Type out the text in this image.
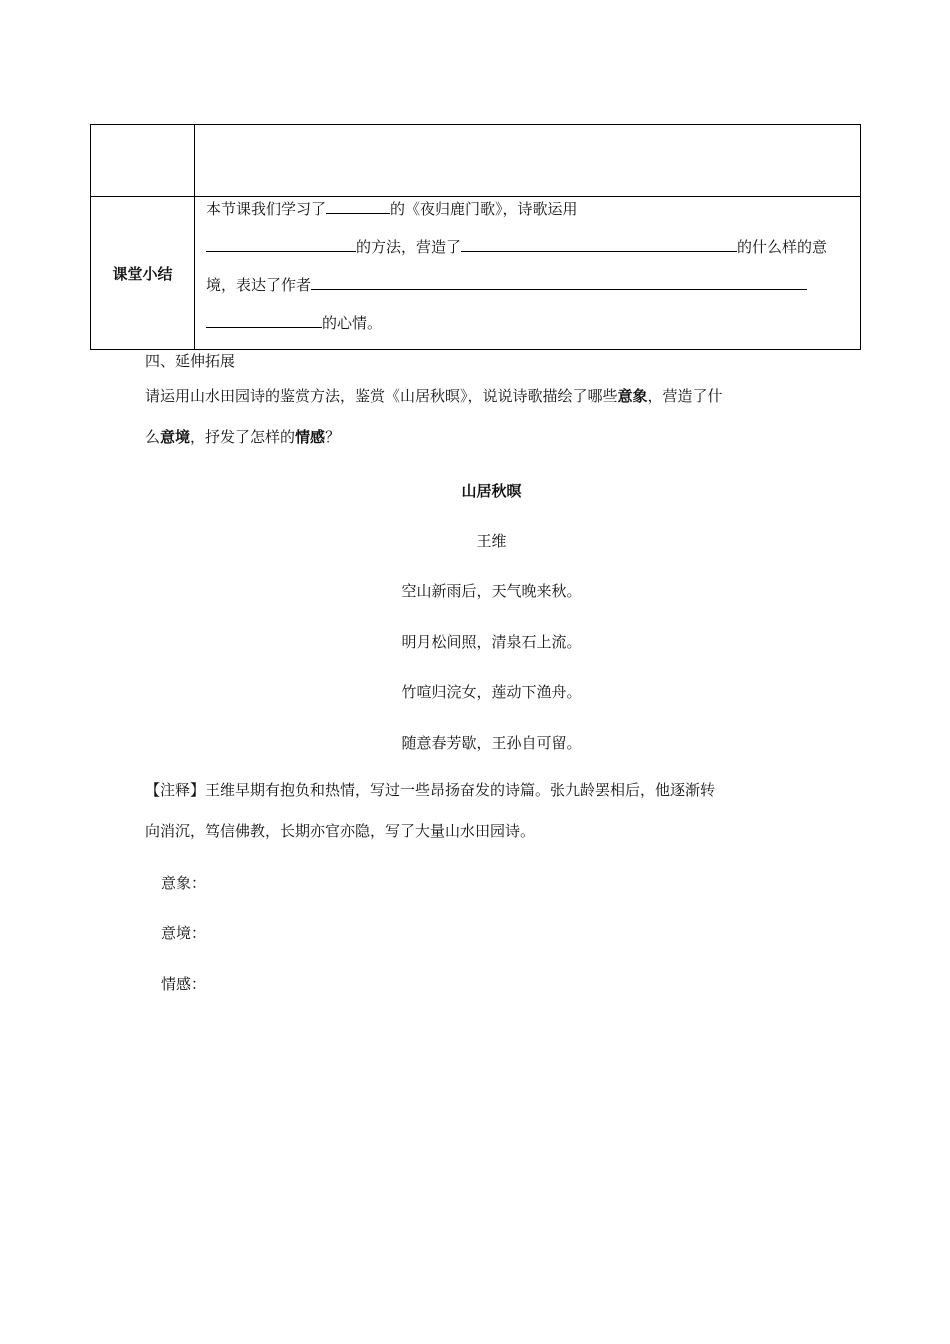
课堂小结	本节课我们学习了 的《夜归鹿门歌》，诗歌运用
的方法，营造了 的什么样的意
境，表达了作者
的心情。
四、延伸拓展
请运用山水田园诗的鉴赏方法，鉴赏《山居秋暝》，说说诗歌描绘了哪些意象，营造了什
么意境，抒发了怎样的情感？
山居秋暝
王维
空山新雨后，天气晚来秋。
明月松间照，清泉石上流。
竹喧归浣女，莲动下渔舟。
随意春芳歇，王孙自可留。
【注释】王维早期有抱负和热情，写过一些昂扬奋发的诗篇。张九龄罢相后，他逐渐转
向消沉，笃信佛教，长期亦官亦隐，写了大量山水田园诗。
意象：
意境：
情感：
